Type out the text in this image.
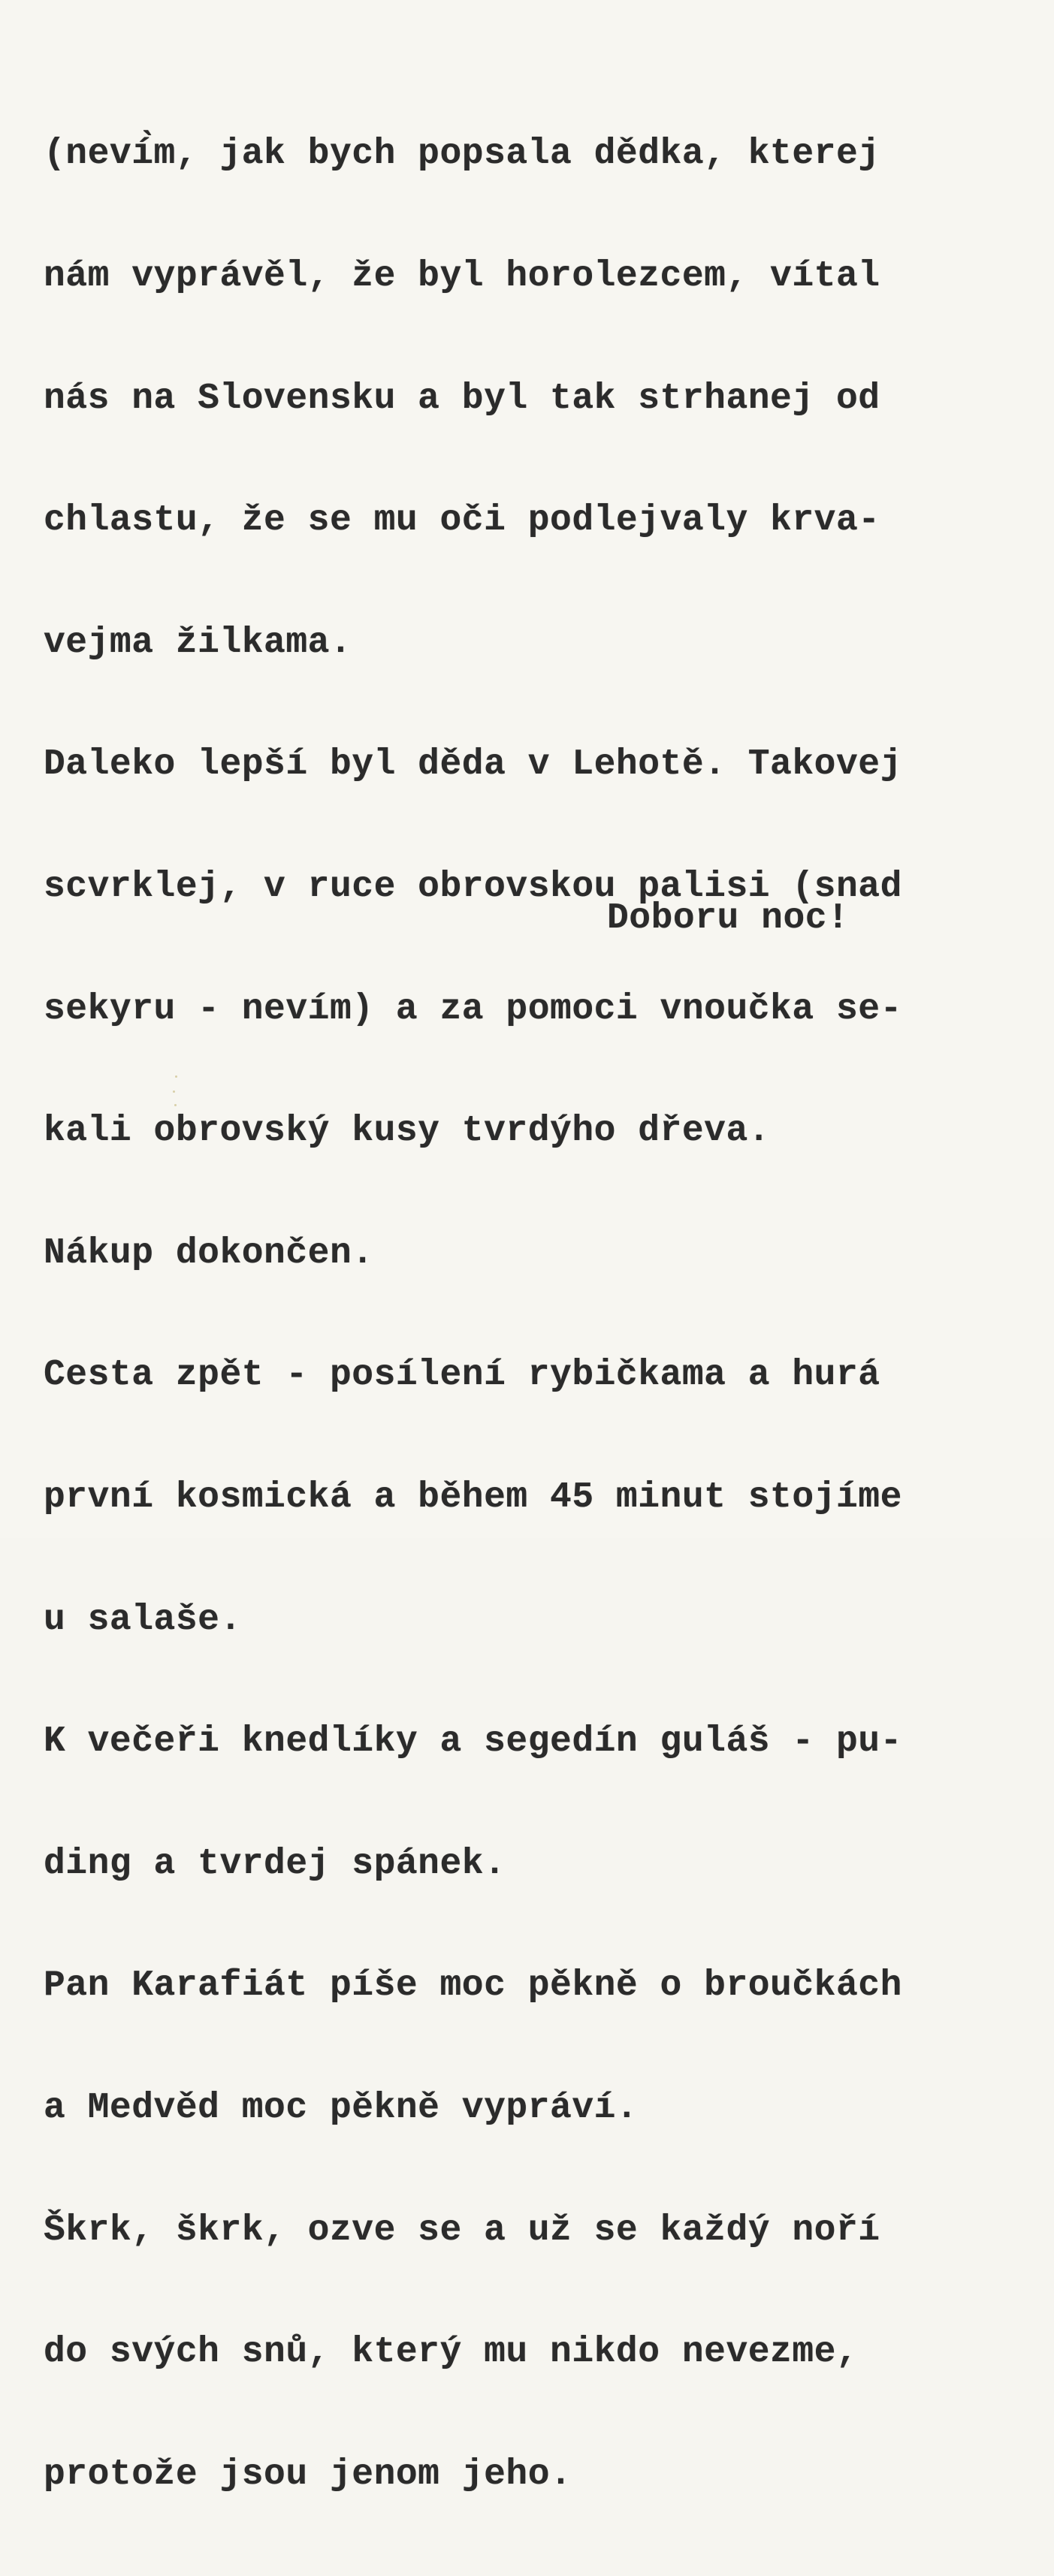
(neví̀m, jak bych popsala dědka, kterej

nám vyprávěl, že byl horolezcem, vítal

nás na Slovensku a byl tak strhanej od

chlastu, že se mu oči podlejvaly krva-

vejma žilkama.

Daleko lepší byl děda v Lehotě. Takovej

scvrklej, v ruce obrovskou palisi (snad

sekyru - nevím) a za pomoci vnoučka se-

kali obrovský kusy tvrdýho dřeva.

Nákup dokončen.

Cesta zpět - posílení rybičkama a hurá

první kosmická a během 45 minut stojíme

u salaše.

K večeři knedlíky a segedín guláš - pu-

ding a tvrdej spánek.

Pan Karafiát píše moc pěkně o broučkách

a Medvěd moc pěkně vypráví.

Škrk, škrk, ozve se a už se každý noří

do svých snů, který mu nikdo nevezme,

protože jsou jenom jeho.

Doboru noc!
